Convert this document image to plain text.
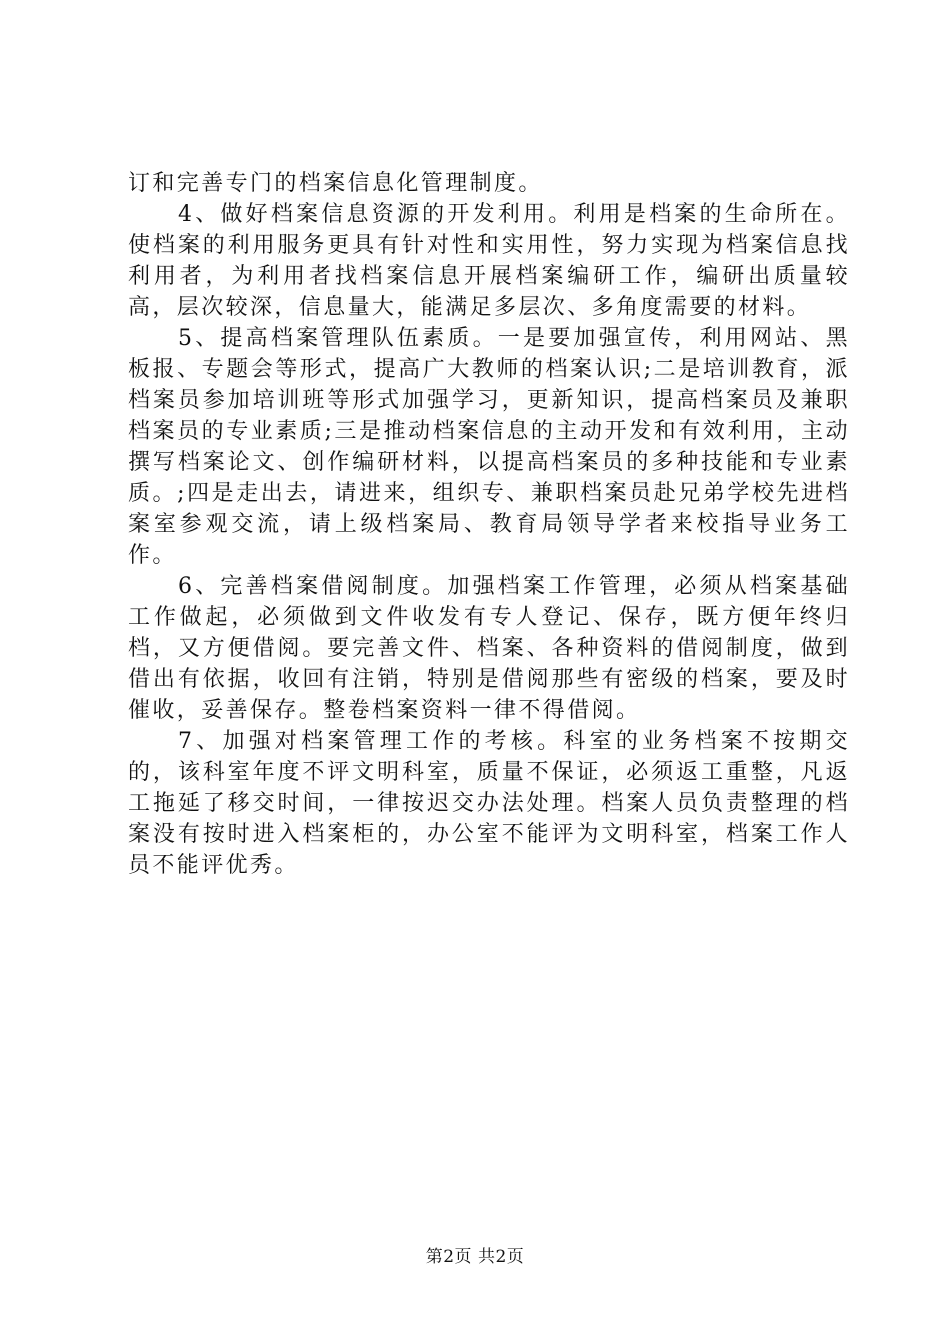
订和完善专门的档案信息化管理制度。

4、做好档案信息资源的开发利用。利用是档案的生命所在。使档案的利用服务更具有针对性和实用性，努力实现为档案信息找利用者，为利用者找档案信息开展档案编研工作，编研出质量较高，层次较深，信息量大，能满足多层次、多角度需要的材料。

5、提高档案管理队伍素质。一是要加强宣传，利用网站、黑板报、专题会等形式，提高广大教师的档案认识;二是培训教育，派档案员参加培训班等形式加强学习，更新知识，提高档案员及兼职档案员的专业素质;三是推动档案信息的主动开发和有效利用，主动撰写档案论文、创作编研材料，以提高档案员的多种技能和专业素质。;四是走出去，请进来，组织专、兼职档案员赴兄弟学校先进档案室参观交流，请上级档案局、教育局领导学者来校指导业务工作。

6、完善档案借阅制度。加强档案工作管理，必须从档案基础工作做起，必须做到文件收发有专人登记、保存，既方便年终归档，又方便借阅。要完善文件、档案、各种资料的借阅制度，做到借出有依据，收回有注销，特别是借阅那些有密级的档案，要及时催收，妥善保存。整卷档案资料一律不得借阅。

7、加强对档案管理工作的考核。科室的业务档案不按期交的，该科室年度不评文明科室，质量不保证，必须返工重整，凡返工拖延了移交时间，一律按迟交办法处理。档案人员负责整理的档案没有按时进入档案柜的，办公室不能评为文明科室，档案工作人员不能评优秀。

第2页 共2页
